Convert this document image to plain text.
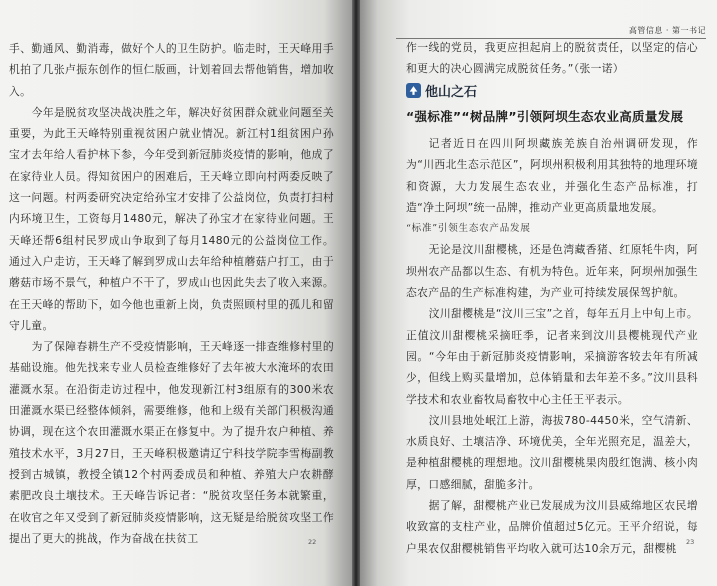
手、勤通风、勤消毒，做好个人的卫生防护。临走时，王天峰用手机拍了几张卢振东创作的恒仁版画，计划着回去帮他销售，增加收入。

今年是脱贫攻坚决战决胜之年，解决好贫困群众就业问题至关重要，为此王天峰特别重视贫困户就业情况。新江村1组贫困户孙宝才去年给人看护林下参，今年受到新冠肺炎疫情的影响，他成了在家待业人员。得知贫困户的困难后，王天峰立即向村两委反映了这一问题。村两委研究决定给孙宝才安排了公益岗位，负责打扫村内环境卫生，工资每月1480元，解决了孙宝才在家待业问题。王天峰还帮6组村民罗成山争取到了每月1480元的公益岗位工作。通过入户走访，王天峰了解到罗成山去年给种植蘑菇户打工，由于蘑菇市场不景气，种植户不干了，罗成山也因此失去了收入来源。在王天峰的帮助下，如今他也重新上岗，负责照顾村里的孤儿和留守儿童。

为了保障春耕生产不受疫情影响，王天峰逐一排查维修村里的基础设施。他先找来专业人员检查维修好了去年被大水淹坏的农田灌溉水泵。在沿街走访过程中，他发现新江村3组原有的300米农田灌溉水渠已经整体倾斜，需要维修，他和上级有关部门积极沟通协调，现在这个农田灌溉水渠正在修复中。为了提升农户种植、养殖技术水平，3月27日，王天峰积极邀请辽宁科技学院李雪梅副教授到古城镇，教授全镇12个村两委成员和种植、养殖大户农耕酵素肥改良土壤技术。王天峰告诉记者：“脱贫攻坚任务本就繁重，在收官之年又受到了新冠肺炎疫情影响，这无疑是给脱贫攻坚工作提出了更大的挑战，作为奋战在扶贫工	22
高管信息 · 第一书记

作一线的党员，我更应担起肩上的脱贫责任，以坚定的信心和更大的决心圆满完成脱贫任务。”（张一诺）

他山之石
“强标准”“树品牌”引领阿坝生态农业高质量发展

记者近日在四川阿坝藏族羌族自治州调研发现，作为“川西北生态示范区”，阿坝州积极利用其独特的地理环境和资源，大力发展生态农业，并强化生态产品标准，打造“净土阿坝”统一品牌，推动产业更高质量地发展。

“标准”引领生态农产品发展

无论是汶川甜樱桃，还是色湾藏香猪、红原牦牛肉，阿坝州农产品都以生态、有机为特色。近年来，阿坝州加强生态农产品的生产标准构建，为产业可持续发展保驾护航。

汶川甜樱桃是“汶川三宝”之首，每年五月上中旬上市。正值汶川甜樱桃采摘旺季，记者来到汶川县樱桃现代产业园。“今年由于新冠肺炎疫情影响，采摘游客较去年有所减少，但线上购买量增加，总体销量和去年差不多。”汶川县科学技术和农业畜牧局畜牧中心主任王平表示。

汶川县地处岷江上游，海拔780-4450米，空气清新、水质良好、土壤洁净、环境优美，全年光照充足，温差大，是种植甜樱桃的理想地。汶川甜樱桃果肉殷红饱满、核小肉厚，口感细腻，甜脆多汁。

据了解，甜樱桃产业已发展成为汶川县威绵地区农民增收致富的支柱产业，品牌价值超过5亿元。王平介绍说，每户果农仅甜樱桃销售平均收入就可达10余万元，甜樱桃	23
